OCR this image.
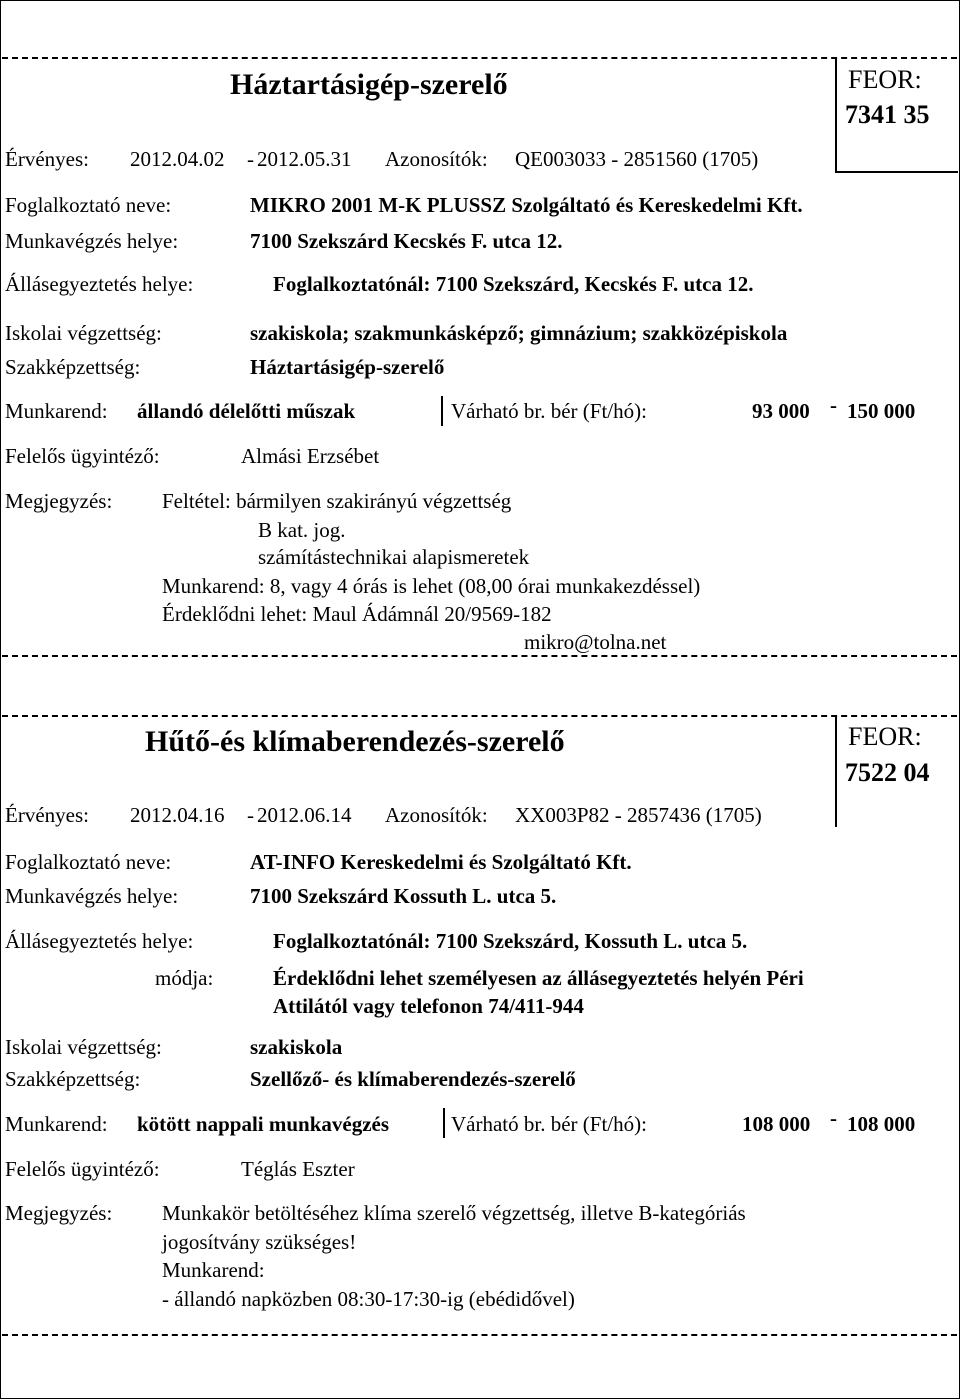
Háztartásigép-szerelő	FEOR:
7341 35
Érvényes: 2012.04.02 - 2012.05.31 Azonosítók: QE003033 - 2851560 (1705)
Foglalkoztató neve:	MIKRO 2001 M-K PLUSSZ Szolgáltató és Kereskedelmi Kft.
Munkavégzés helye:	7100 Szekszárd Kecskés F. utca 12.
Állásegyeztetés helye:	Foglalkoztatónál: 7100 Szekszárd, Kecskés F. utca 12.
Iskolai végzettség:	szakiskola; szakmunkásképző; gimnázium; szakközépiskola
Szakképzettség:	Háztartásigép-szerelő
Munkarend: állandó délelőtti műszak	Várható br. bér (Ft/hó):	93 000 - 150 000
Felelős ügyintéző:	Almási Erzsébet
Megjegyzés: Feltétel: bármilyen szakirányú végzettség
B kat. jog.
számítástechnikai alapismeretek
Munkarend: 8, vagy 4 órás is lehet (08,00 órai munkakezdéssel)
Érdeklődni lehet: Maul Ádámnál 20/9569-182
mikro@tolna.net
Hűtő-és klímaberendezés-szerelő	FEOR:
7522 04
Érvényes: 2012.04.16 - 2012.06.14 Azonosítók: XX003P82 - 2857436 (1705)
Foglalkoztató neve:	AT-INFO Kereskedelmi és Szolgáltató Kft.
Munkavégzés helye:	7100 Szekszárd Kossuth L. utca 5.
Állásegyeztetés helye:	Foglalkoztatónál: 7100 Szekszárd, Kossuth L. utca 5.
módja:	Érdeklődni lehet személyesen az állásegyeztetés helyén Péri
Attilától vagy telefonon 74/411-944
Iskolai végzettség:	szakiskola
Szakképzettség:	Szellőző- és klímaberendezés-szerelő
Munkarend: kötött nappali munkavégzés	Várható br. bér (Ft/hó):	108 000 - 108 000
Felelős ügyintéző:	Téglás Eszter
Megjegyzés: Munkakör betöltéséhez klíma szerelő végzettség, illetve B-kategóriás
jogosítvány szükséges!
Munkarend:
- állandó napközben 08:30-17:30-ig (ebédidővel)
